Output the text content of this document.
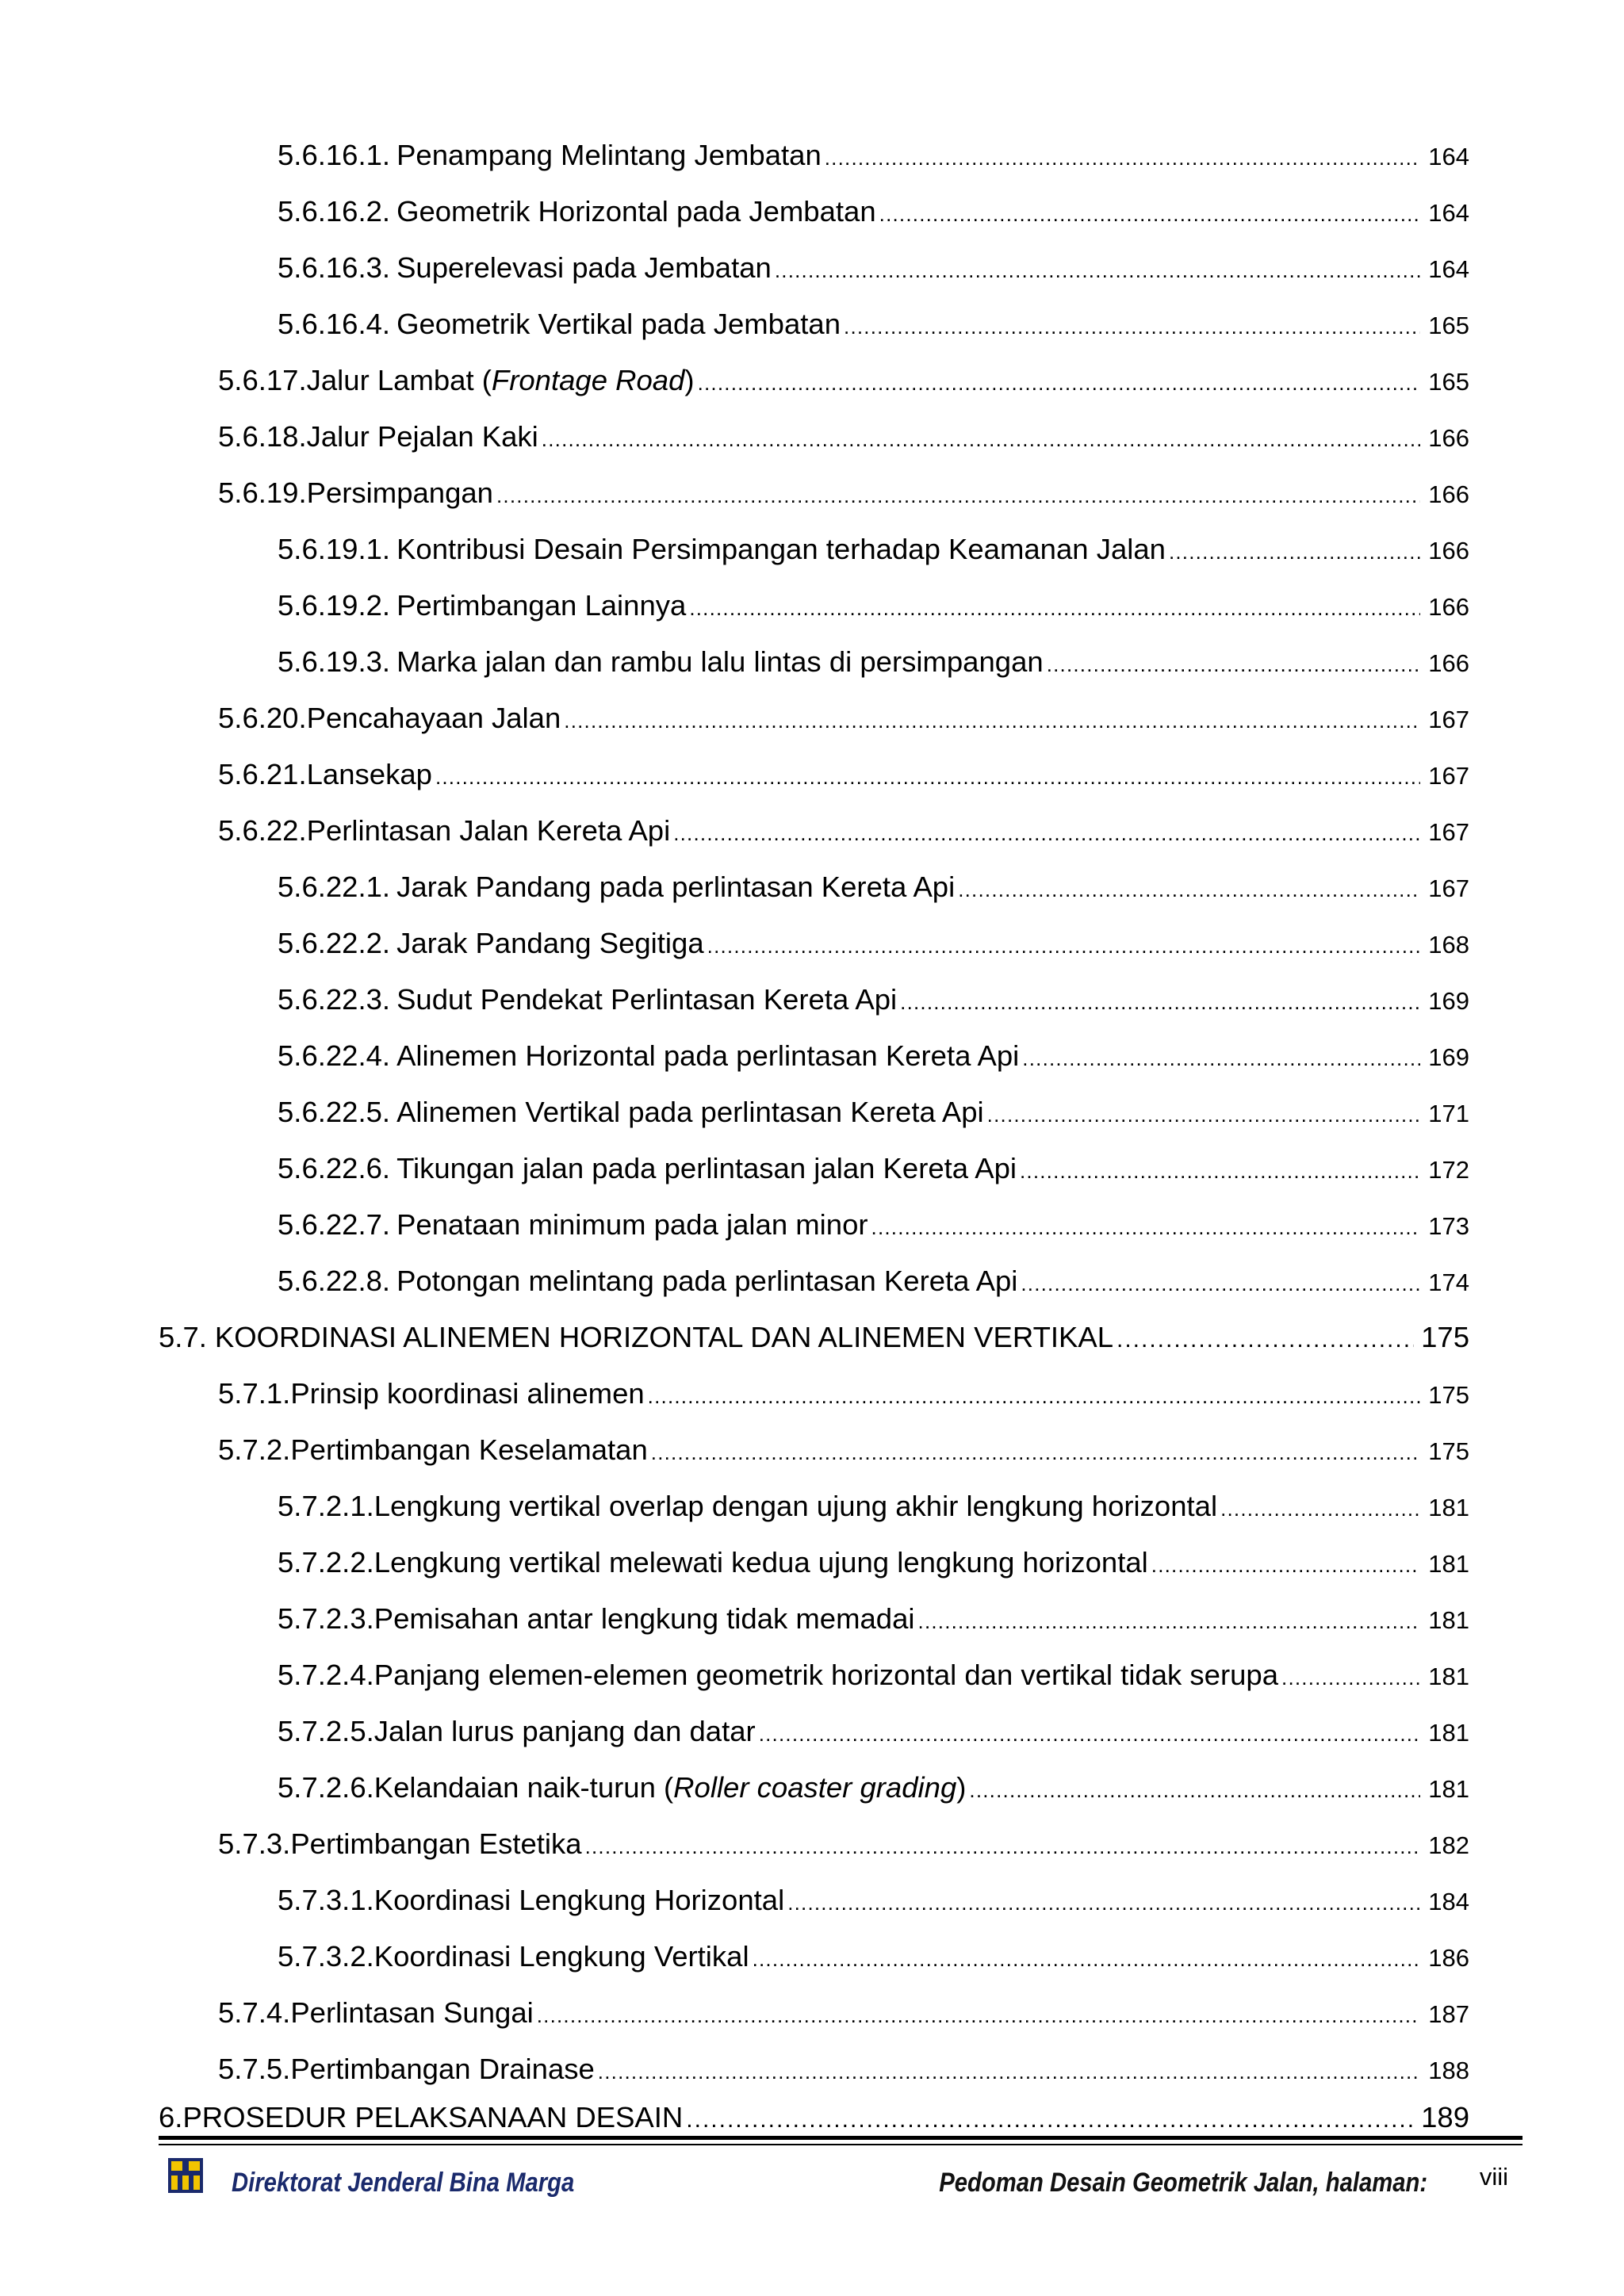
5.6.16.1. Penampang Melintang Jembatan .....	164
5.6.16.2. Geometrik Horizontal pada Jembatan .....	164
5.6.16.3. Superelevasi pada Jembatan .....	164
5.6.16.4. Geometrik Vertikal pada Jembatan .....	165
5.6.17. Jalur Lambat (Frontage Road) .....	165
5.6.18. Jalur Pejalan Kaki .....	166
5.6.19. Persimpangan .....	166
5.6.19.1. Kontribusi Desain Persimpangan terhadap Keamanan Jalan .....	166
5.6.19.2. Pertimbangan Lainnya .....	166
5.6.19.3. Marka jalan dan rambu lalu lintas di persimpangan .....	166
5.6.20. Pencahayaan Jalan .....	167
5.6.21. Lansekap .....	167
5.6.22. Perlintasan Jalan Kereta Api .....	167
5.6.22.1. Jarak Pandang pada perlintasan Kereta Api .....	167
5.6.22.2. Jarak Pandang Segitiga .....	168
5.6.22.3. Sudut Pendekat Perlintasan Kereta Api .....	169
5.6.22.4. Alinemen Horizontal pada perlintasan Kereta Api .....	169
5.6.22.5. Alinemen Vertikal pada perlintasan Kereta Api .....	171
5.6.22.6. Tikungan jalan pada perlintasan jalan Kereta Api .....	172
5.6.22.7. Penataan minimum pada jalan minor .....	173
5.6.22.8. Potongan melintang pada perlintasan Kereta Api .....	174
5.7. KOORDINASI ALINEMEN HORIZONTAL DAN ALINEMEN VERTIKAL .....	175
5.7.1. Prinsip koordinasi alinemen .....	175
5.7.2. Pertimbangan Keselamatan .....	175
5.7.2.1. Lengkung vertikal overlap dengan ujung akhir lengkung horizontal .....	181
5.7.2.2. Lengkung vertikal melewati kedua ujung lengkung horizontal .....	181
5.7.2.3. Pemisahan antar lengkung tidak memadai .....	181
5.7.2.4. Panjang elemen-elemen geometrik horizontal dan vertikal tidak serupa .....	181
5.7.2.5. Jalan lurus panjang dan datar .....	181
5.7.2.6. Kelandaian naik-turun (Roller coaster grading) .....	181
5.7.3. Pertimbangan Estetika .....	182
5.7.3.1. Koordinasi Lengkung Horizontal .....	184
5.7.3.2. Koordinasi Lengkung Vertikal .....	186
5.7.4. Perlintasan Sungai .....	187
5.7.5. Pertimbangan Drainase .....	188
6. PROSEDUR PELAKSANAAN DESAIN .....	189
Direktorat Jenderal Bina Marga	Pedoman Desain Geometrik Jalan, halaman: viii
